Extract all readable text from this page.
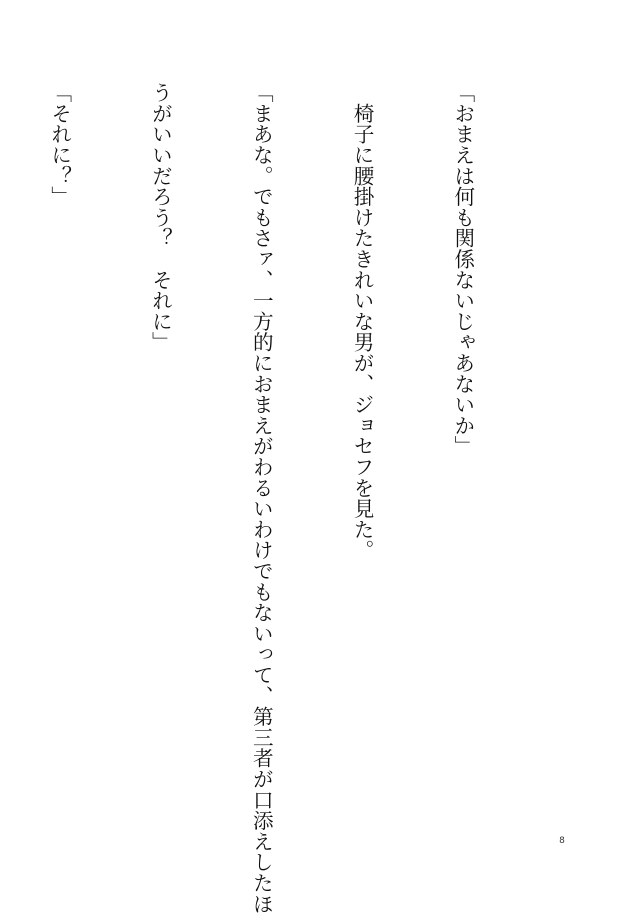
「おまえは何も関係ないじゃあないか」

　椅子に腰掛けたきれいな男が、ジョセフを見た。

「まあな。でもさァ、一方的におまえがわるいわけでもないって、第三者が口添えしたほ

うがいいだろう？　それに」

「それに？」

8
